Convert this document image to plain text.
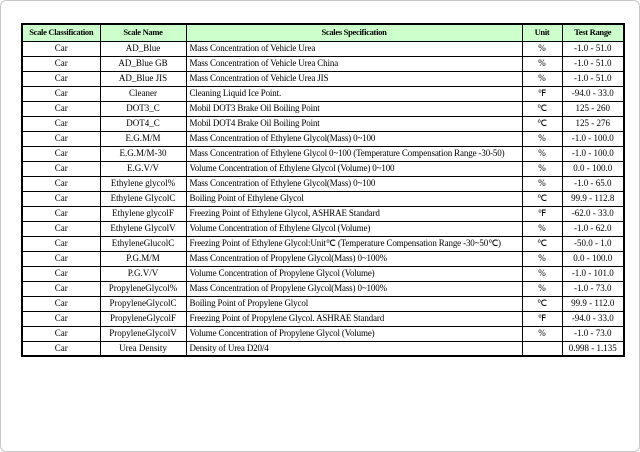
Scale Classification	Scale Name	Scales Specification	Unit	Test Range
Car	AD_Blue	Mass Concentration of Vehicle Urea	%	-1.0 - 51.0
Car	AD_Blue GB	Mass Concentration of Vehicle Urea China	%	-1.0 - 51.0
Car	AD_Blue JIS	Mass Concentration of Vehicle Urea JIS	%	-1.0 - 51.0
Car	Cleaner	Cleaning Liquid Ice Point.	℉	-94.0 - 33.0
Car	DOT3_C	Mobil DOT3 Brake Oil Boiling Point	℃	125 - 260
Car	DOT4_C	Mobil DOT4 Brake Oil Boiling Point	℃	125 - 276
Car	E.G.M/M	Mass Concentration of Ethylene Glycol(Mass) 0~100	%	-1.0 - 100.0
Car	E.G.M/M-30	Mass Concentration of Ethylene Glycol 0~100 (Temperature Compensation Range -30-50)	%	-1.0 - 100.0
Car	E.G.V/V	Volume Concentration of Ethylene Glycol (Volume) 0~100	%	0.0 - 100.0
Car	Ethylene glycol%	Mass Concentration of Ethylene Glycol(Mass) 0~100	%	-1.0 - 65.0
Car	Ethylene GlycolC	Boiling Point of Ethylene Glycol	℃	99.9 - 112.8
Car	Ethylene glycolF	Freezing Point of Ethylene Glycol, ASHRAE Standard	℉	-62.0 - 33.0
Car	Ethylene GlycolV	Volume Concentration of Ethylene Glycol (Volume)	%	-1.0 - 62.0
Car	EthyleneGlucolC	Freezing Point of Ethylene Glycol:Unit℃ (Temperature Compensation Range -30~50℃)	℃	-50.0 - 1.0
Car	P.G.M/M	Mass Concentration of Propylene Glycol(Mass) 0~100%	%	0.0 - 100.0
Car	P.G.V/V	Volume Concentration of Propylene Glycol (Volume)	%	-1.0 - 101.0
Car	PropyleneGlycol%	Mass Concentration of Propylene Glycol(Mass) 0~100%	%	-1.0 - 73.0
Car	PropyleneGlycolC	Boiling Point of Propylene Glycol	℃	99.9 - 112.0
Car	PropyleneGlycolF	Freezing Point of Propylene Glycol. ASHRAE Standard	℉	-94.0 - 33.0
Car	PropyleneGlycolV	Volume Concentration of Propylene Glycol (Volume)	%	-1.0 - 73.0
Car	Urea Density	Density of Urea D20/4		0.998 - 1.135
